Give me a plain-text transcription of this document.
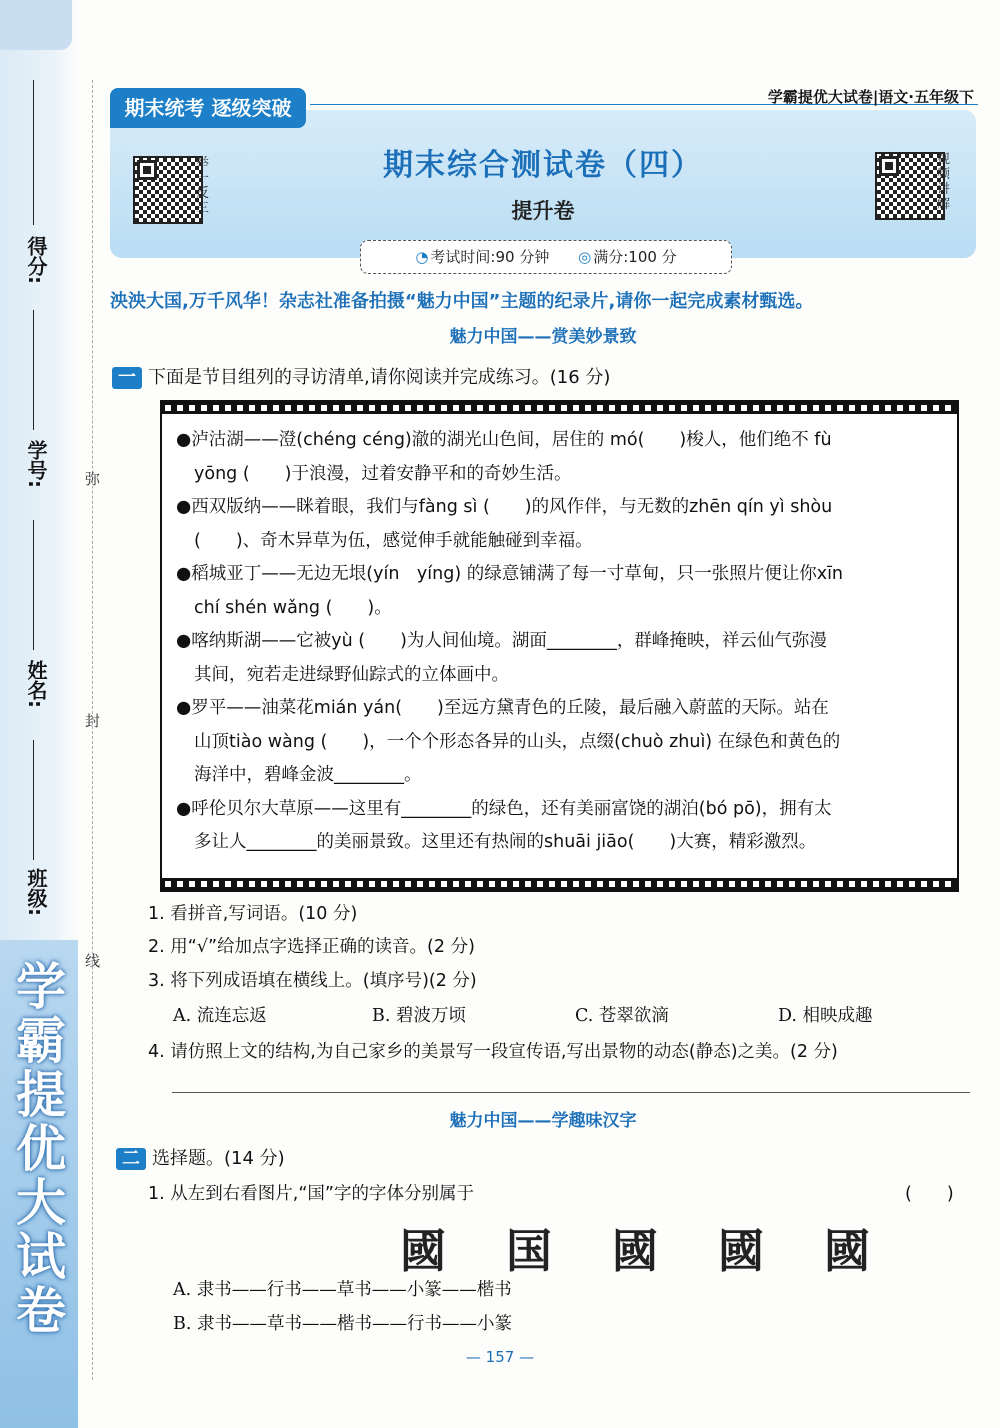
得分:
学号:
姓名:
班级:
弥
封
线
学霸提优大试卷
学霸提优大试卷|语文·五年级下
期末统考 逐级突破
举一反三
视频讲解
期末综合测试卷（四）
提升卷
◔ 考试时间:90 分钟 ◎ 满分:100 分
泱泱大国,万千风华！杂志社准备拍摄“魅力中国”主题的纪录片,请你一起完成素材甄选。
魅力中国——赏美妙景致
一 下面是节目组列的寻访清单,请你阅读并完成练习。(16 分)

●泸沽湖——澄(chéng céng)澈的湖光山色间，居住的 mó(　　)梭人，他们绝不 fù

yōng (　　)于浪漫，过着安静平和的奇妙生活。

●西双版纳——眯着眼，我们与fàng sì (　　)的风作伴，与无数的zhēn qín yì shòu

(　　)、奇木异草为伍，感觉伸手就能触碰到幸福。

●稻城亚丁——无边无垠(yín　yíng) 的绿意铺满了每一寸草甸，只一张照片便让你xīn

chí shén wǎng (　　)。

●喀纳斯湖——它被yù (　　)为人间仙境。湖面________，群峰掩映，祥云仙气弥漫

其间，宛若走进绿野仙踪式的立体画中。

●罗平——油菜花mián yán(　　)至远方黛青色的丘陵，最后融入蔚蓝的天际。站在

山顶tiào wàng (　　)，一个个形态各异的山头，点缀(chuò zhuì) 在绿色和黄色的

海洋中，碧峰金波________。

●呼伦贝尔大草原——这里有________的绿色，还有美丽富饶的湖泊(bó pō)，拥有太

多让人________的美丽景致。这里还有热闹的shuāi jiāo(　　)大赛，精彩激烈。

1. 看拼音,写词语。(10 分)
2. 用“√”给加点字选择正确的读音。(2 分)
3. 将下列成语填在横线上。(填序号)(2 分)
A. 流连忘返	B. 碧波万顷	C. 苍翠欲滴	D. 相映成趣
4. 请仿照上文的结构,为自己家乡的美景写一段宣传语,写出景物的动态(静态)之美。(2 分)
魅力中国——学趣味汉字
二 选择题。(14 分)
1. 从左到右看图片,“国”字的字体分别属于	(　　)
國 国 國 國 國
A. 隶书——行书——草书——小篆——楷书
B. 隶书——草书——楷书——行书——小篆
— 157 —
